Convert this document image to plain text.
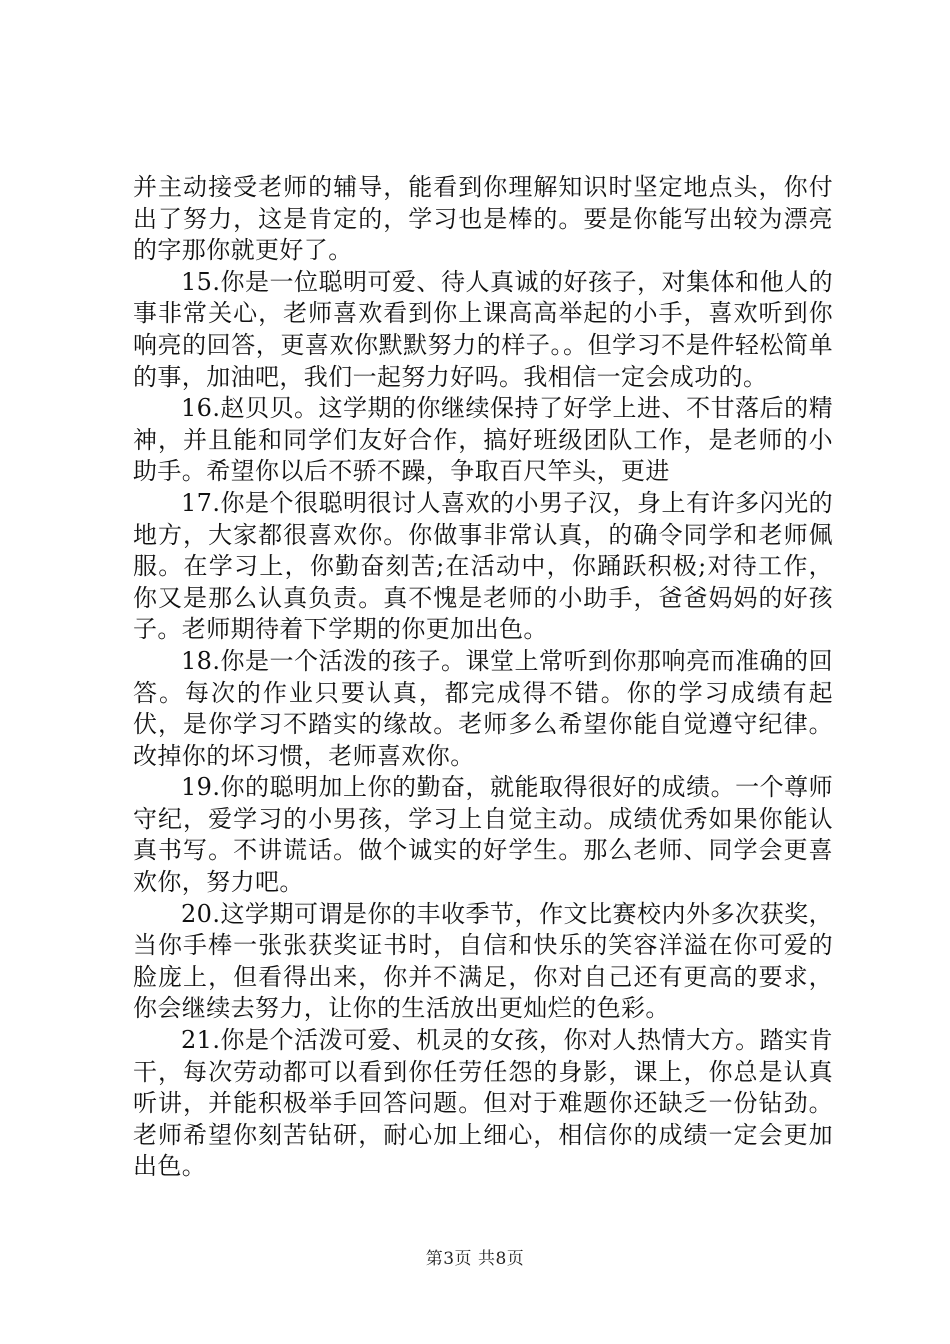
并主动接受老师的辅导，能看到你理解知识时坚定地点头，你付出了努力，这是肯定的，学习也是棒的。要是你能写出较为漂亮的字那你就更好了。

15.你是一位聪明可爱、待人真诚的好孩子，对集体和他人的事非常关心，老师喜欢看到你上课高高举起的小手，喜欢听到你响亮的回答，更喜欢你默默努力的样子。。但学习不是件轻松简单的事，加油吧，我们一起努力好吗。我相信一定会成功的。

16.赵贝贝。这学期的你继续保持了好学上进、不甘落后的精神，并且能和同学们友好合作，搞好班级团队工作，是老师的小助手。希望你以后不骄不躁，争取百尺竿头，更进

17.你是个很聪明很讨人喜欢的小男子汉，身上有许多闪光的地方，大家都很喜欢你。你做事非常认真，的确令同学和老师佩服。在学习上，你勤奋刻苦;在活动中，你踊跃积极;对待工作，你又是那么认真负责。真不愧是老师的小助手，爸爸妈妈的好孩子。老师期待着下学期的你更加出色。

18.你是一个活泼的孩子。课堂上常听到你那响亮而准确的回答。每次的作业只要认真，都完成得不错。你的学习成绩有起伏，是你学习不踏实的缘故。老师多么希望你能自觉遵守纪律。改掉你的坏习惯，老师喜欢你。

19.你的聪明加上你的勤奋，就能取得很好的成绩。一个尊师守纪，爱学习的小男孩，学习上自觉主动。成绩优秀如果你能认真书写。不讲谎话。做个诚实的好学生。那么老师、同学会更喜欢你，努力吧。

20.这学期可谓是你的丰收季节，作文比赛校内外多次获奖，当你手棒一张张获奖证书时，自信和快乐的笑容洋溢在你可爱的脸庞上，但看得出来，你并不满足，你对自己还有更高的要求，你会继续去努力，让你的生活放出更灿烂的色彩。

21.你是个活泼可爱、机灵的女孩，你对人热情大方。踏实肯干，每次劳动都可以看到你任劳任怨的身影，课上，你总是认真听讲，并能积极举手回答问题。但对于难题你还缺乏一份钻劲。老师希望你刻苦钻研，耐心加上细心，相信你的成绩一定会更加出色。

第3页 共8页
